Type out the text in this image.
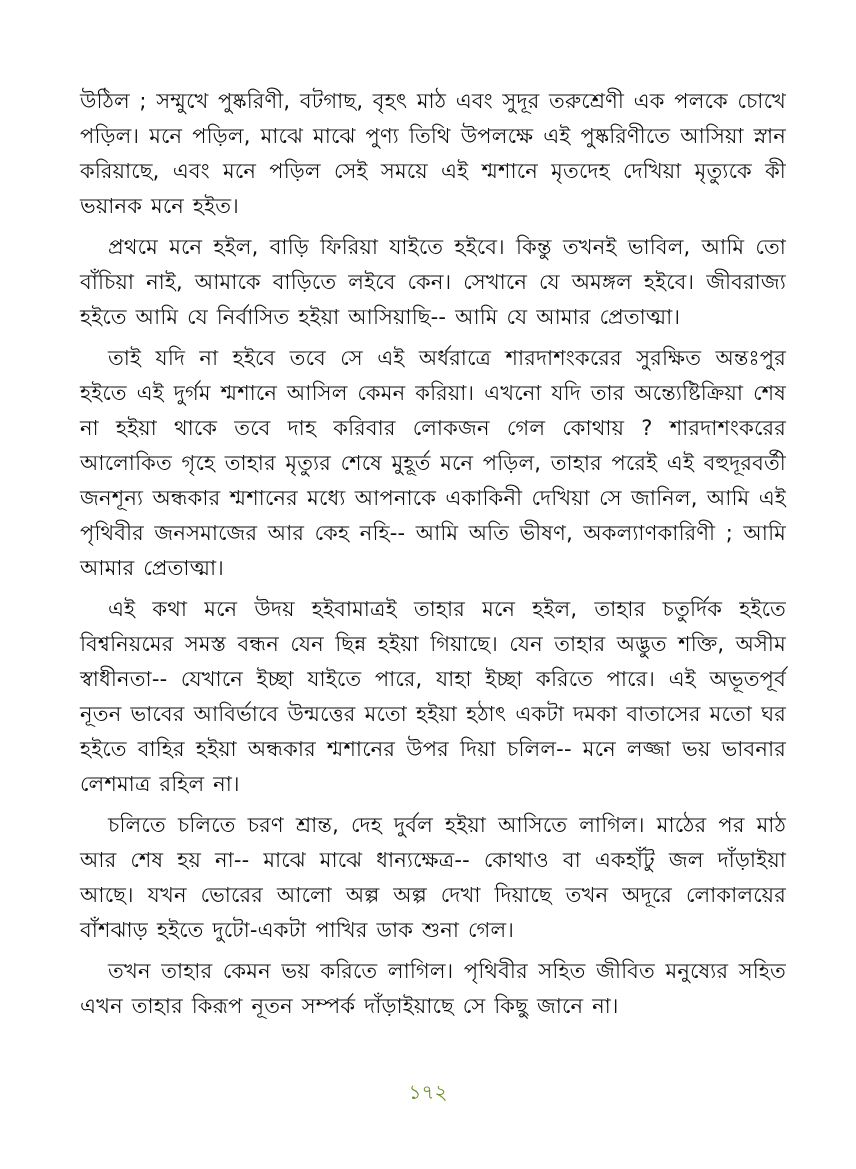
উঠিল ; সম্মুখে পুষ্করিণী, বটগাছ, বৃহৎ মাঠ এবং সুদূর তরুশ্রেণী এক পলকে চোখে পড়িল। মনে পড়িল, মাঝে মাঝে পুণ্য তিথি উপলক্ষে এই পুষ্করিণীতে আসিয়া স্নান করিয়াছে, এবং মনে পড়িল সেই সময়ে এই শ্মশানে মৃতদেহ দেখিয়া মৃত্যুকে কী ভয়ানক মনে হইত।

প্রথমে মনে হইল, বাড়ি ফিরিয়া যাইতে হইবে। কিন্তু তখনই ভাবিল, আমি তো বাঁচিয়া নাই, আমাকে বাড়িতে লইবে কেন। সেখানে যে অমঙ্গল হইবে। জীবরাজ্য হইতে আমি যে নির্বাসিত হইয়া আসিয়াছি-- আমি যে আমার প্রেতাত্মা।

তাই যদি না হইবে তবে সে এই অর্ধরাত্রে শারদাশংকরের সুরক্ষিত অন্তঃপুর হইতে এই দুর্গম শ্মশানে আসিল কেমন করিয়া। এখনো যদি তার অন্ত্যেষ্টিক্রিয়া শেষ না হইয়া থাকে তবে দাহ করিবার লোকজন গেল কোথায় ? শারদাশংকরের আলোকিত গৃহে তাহার মৃত্যুর শেষে মুহূর্ত মনে পড়িল, তাহার পরেই এই বহুদূরবর্তী জনশূন্য অন্ধকার শ্মশানের মধ্যে আপনাকে একাকিনী দেখিয়া সে জানিল, আমি এই পৃথিবীর জনসমাজের আর কেহ নহি-- আমি অতি ভীষণ, অকল্যাণকারিণী ; আমি আমার প্রেতাত্মা।

এই কথা মনে উদয় হইবামাত্রই তাহার মনে হইল, তাহার চতুর্দিক হইতে বিশ্বনিয়মের সমস্ত বন্ধন যেন ছিন্ন হইয়া গিয়াছে। যেন তাহার অদ্ভুত শক্তি, অসীম স্বাধীনতা-- যেখানে ইচ্ছা যাইতে পারে, যাহা ইচ্ছা করিতে পারে। এই অভূতপূর্ব নূতন ভাবের আবির্ভাবে উন্মত্তের মতো হইয়া হঠাৎ একটা দমকা বাতাসের মতো ঘর হইতে বাহির হইয়া অন্ধকার শ্মশানের উপর দিয়া চলিল-- মনে লজ্জা ভয় ভাবনার লেশমাত্র রহিল না।

চলিতে চলিতে চরণ শ্রান্ত, দেহ দুর্বল হইয়া আসিতে লাগিল। মাঠের পর মাঠ আর শেষ হয় না-- মাঝে মাঝে ধান্যক্ষেত্র-- কোথাও বা একহাঁটু জল দাঁড়াইয়া আছে। যখন ভোরের আলো অল্প অল্প দেখা দিয়াছে তখন অদূরে লোকালয়ের বাঁশঝাড় হইতে দুটো-একটা পাখির ডাক শুনা গেল।

তখন তাহার কেমন ভয় করিতে লাগিল। পৃথিবীর সহিত জীবিত মনুষ্যের সহিত এখন তাহার কিরূপ নূতন সম্পর্ক দাঁড়াইয়াছে সে কিছু জানে না।

১৭২
